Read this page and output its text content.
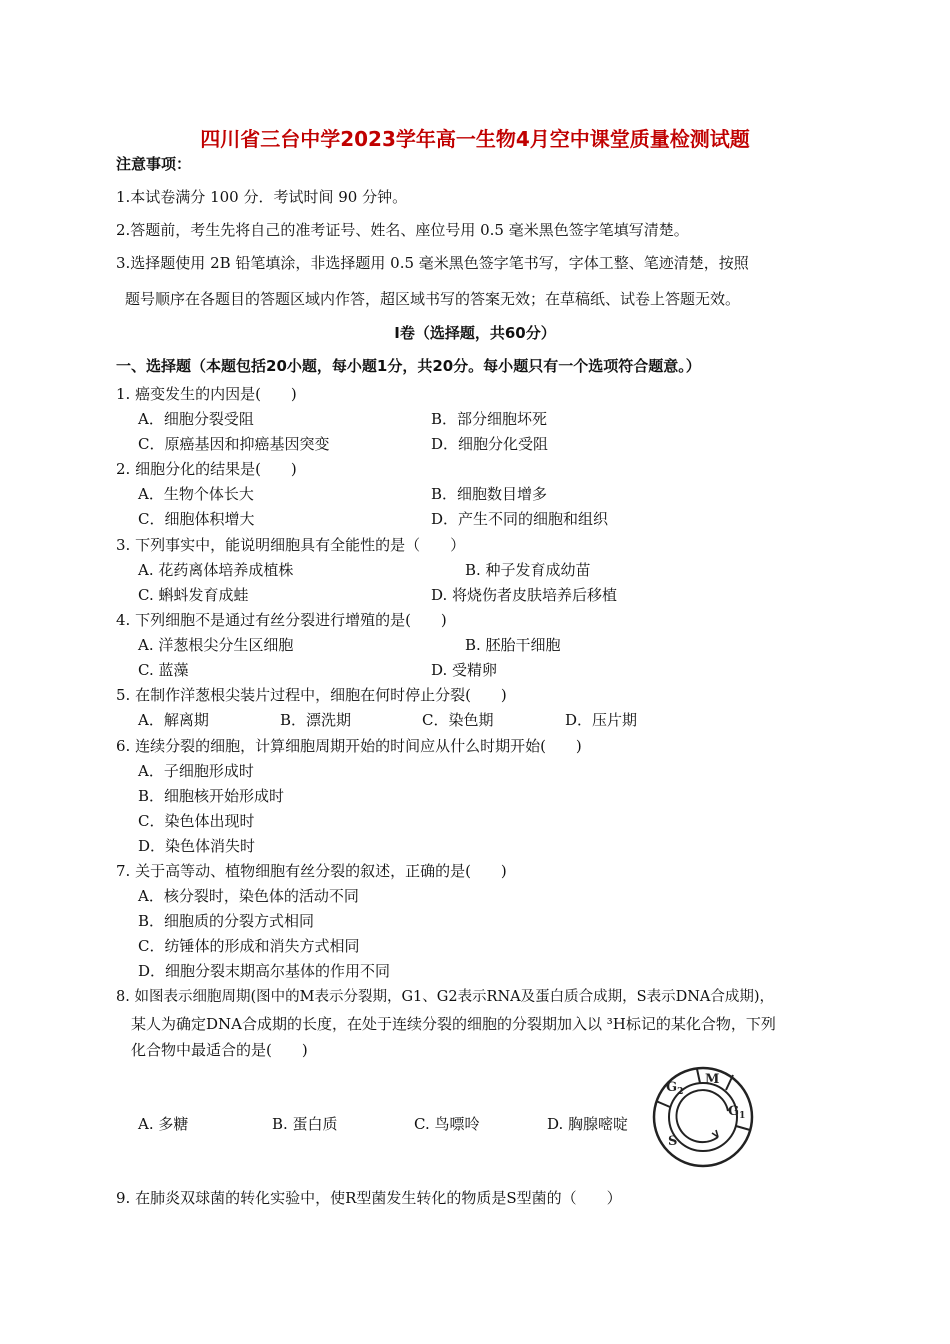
四川省三台中学2023学年高一生物4月空中课堂质量检测试题
注意事项：
1.本试卷满分 100 分．考试时间 90 分钟。
2.答题前，考生先将自己的准考证号、姓名、座位号用 0.5 毫米黑色签字笔填写清楚。
3.选择题使用 2B 铅笔填涂，非选择题用 0.5 毫米黑色签字笔书写，字体工整、笔迹清楚，按照
题号顺序在各题目的答题区域内作答，超区域书写的答案无效；在草稿纸、试卷上答题无效。
Ⅰ卷（选择题，共60分）
一、选择题（本题包括20小题，每小题1分，共20分。每小题只有一个选项符合题意。）
1. 癌变发生的内因是(　　)
A．细胞分裂受阻	B．部分细胞坏死
C．原癌基因和抑癌基因突变	D．细胞分化受阻
2. 细胞分化的结果是(　　)
A．生物个体长大	B．细胞数目增多
C．细胞体积增大	D．产生不同的细胞和组织
3. 下列事实中，能说明细胞具有全能性的是（　　）
A. 花药离体培养成植株	B. 种子发育成幼苗
C. 蝌蚪发育成蛙	D. 将烧伤者皮肤培养后移植
4. 下列细胞不是通过有丝分裂进行增殖的是(　　)
A. 洋葱根尖分生区细胞	B. 胚胎干细胞
C. 蓝藻	D. 受精卵
5. 在制作洋葱根尖装片过程中，细胞在何时停止分裂(　　)
A．解离期	B．漂洗期	C．染色期	D．压片期
6. 连续分裂的细胞，计算细胞周期开始的时间应从什么时期开始(　　)
A．子细胞形成时
B．细胞核开始形成时
C．染色体出现时
D．染色体消失时
7. 关于高等动、植物细胞有丝分裂的叙述，正确的是(　　)
A．核分裂时，染色体的活动不同
B．细胞质的分裂方式相同
C．纺锤体的形成和消失方式相同
D．细胞分裂末期高尔基体的作用不同
8. 如图表示细胞周期(图中的M表示分裂期，G1、G2表示RNA及蛋白质合成期，S表示DNA合成期)，
某人为确定DNA合成期的长度，在处于连续分裂的细胞的分裂期加入以 ³H标记的某化合物，下列
化合物中最适合的是(　　)
A. 多糖	B. 蛋白质	C. 鸟嘌呤	D. 胸腺嘧啶
$G_2$
M
$G_1$
S
9. 在肺炎双球菌的转化实验中，使R型菌发生转化的物质是S型菌的（　　）
